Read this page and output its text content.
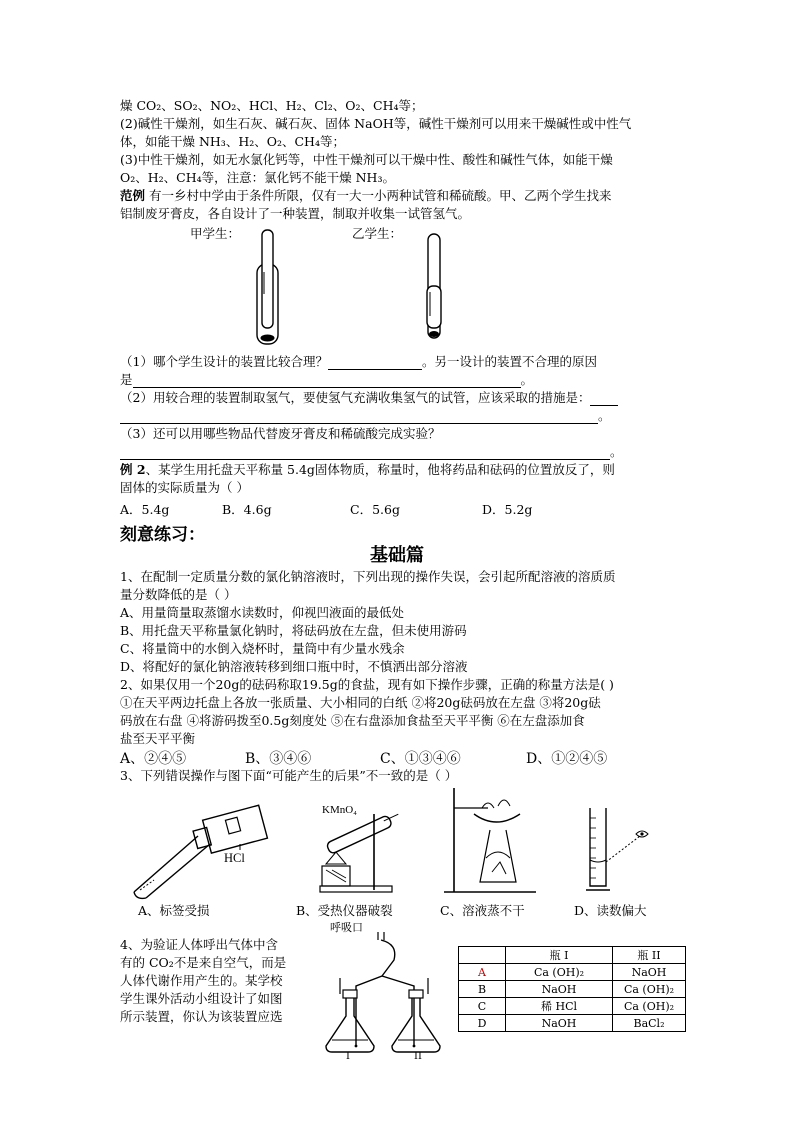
燥 CO₂、SO₂、NO₂、HCl、H₂、Cl₂、O₂、CH₄等；
(2)碱性干燥剂，如生石灰、碱石灰、固体 NaOH等，碱性干燥剂可以用来干燥碱性或中性气
体，如能干燥 NH₃、H₂、O₂、CH₄等；
(3)中性干燥剂，如无水氯化钙等，中性干燥剂可以干燥中性、酸性和碱性气体，如能干燥
O₂、H₂、CH₄等，注意：氯化钙不能干燥 NH₃。
范例 有一乡村中学由于条件所限，仅有一大一小两种试管和稀硫酸。甲、乙两个学生找来
铝制废牙膏皮，各自设计了一种装置，制取并收集一试管氢气。
甲学生：	乙学生：
（1）哪个学生设计的装置比较合理？	。另一设计的装置不合理的原因
是	。
（2）用较合理的装置制取氢气，要使氢气充满收集氢气的试管，应该采取的措施是：
。
（3）还可以用哪些物品代替废牙膏皮和稀硫酸完成实验？
。
例 2、某学生用托盘天平称量 5.4g固体物质，称量时，他将药品和砝码的位置放反了，则
固体的实际质量为（ ）
A．5.4g	B．4.6g	C．5.6g	D．5.2g
刻意练习：
基础篇
1、在配制一定质量分数的氯化钠溶液时，下列出现的操作失误，会引起所配溶液的溶质质
量分数降低的是（ ）
A、用量筒量取蒸馏水读数时，仰视凹液面的最低处
B、用托盘天平称量氯化钠时，将砝码放在左盘，但未使用游码
C、将量筒中的水倒入烧杯时，量筒中有少量水残余
D、将配好的氯化钠溶液转移到细口瓶中时，不慎洒出部分溶液
2、如果仅用一个20g的砝码称取19.5g的食盐，现有如下操作步骤，正确的称量方法是( )
①在天平两边托盘上各放一张质量、大小相同的白纸 ②将20g砝码放在左盘 ③将20g砝
码放在右盘 ④将游码拨至0.5g刻度处 ⑤在右盘添加食盐至天平平衡 ⑥在左盘添加食
盐至天平平衡
A、②④⑤	B、③④⑥	C、①③④⑥	D、①②④⑤
3、下列错误操作与图下面“可能产生的后果”不一致的是（ ）
HCl
KMnO₄
A、标签受损	B、受热仪器破裂	C、溶液蒸不干	D、读数偏大
4、为验证人体呼出气体中含
有的 CO₂不是来自空气，而是
人体代谢作用产生的。某学校
学生课外活动小组设计了如图
所示装置，你认为该装置应选
呼吸口
I	II
	瓶 I	瓶 II
A	Ca (OH)₂	NaOH
B	NaOH	Ca (OH)₂
C	稀 HCl	Ca (OH)₂
D	NaOH	BaCl₂
